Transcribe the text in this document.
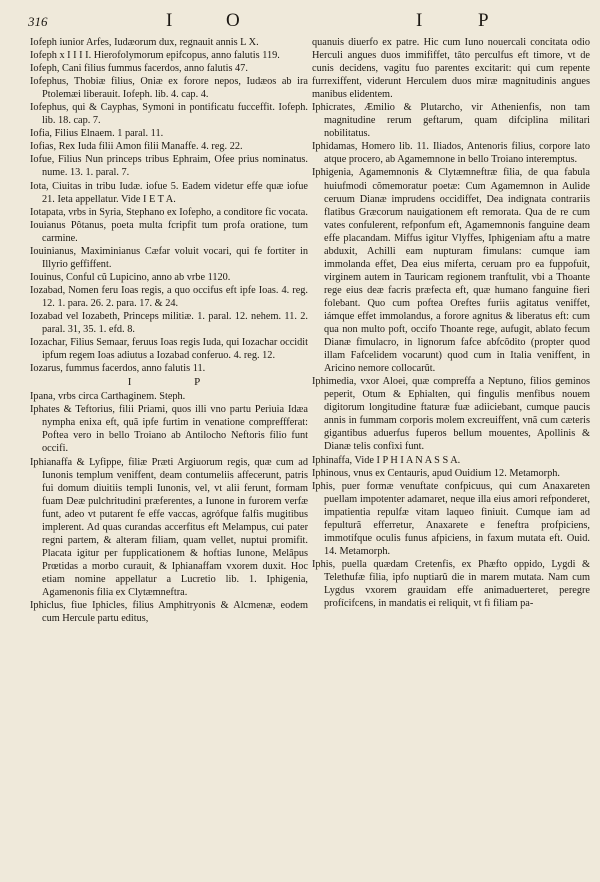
316	I	O	I	P

Iofeph iunior Arfes, Iudæorum dux, regnauit annis L X.

Iofeph x I I I I. Hierofolymorum epifcopus, anno falutis 119.

Iofeph, Cani filius fummus facerdos, anno falutis 47.

Iofephus, Thobiæ filius, Oniæ ex forore nepos, Iudæos ab ira Ptolemæi liberauit. Iofeph. lib. 4. cap. 4.

Iofephus, qui & Cayphas, Symoni in pontificatu fucceffit. Iofeph. lib. 18. cap. 7.

Iofia, Filius Elnaem. 1 paral. 11.

Iofias, Rex Iuda filii Amon filii Manaffe. 4. reg. 22.

Iofue, Filius Nun princeps tribus Ephraim, Ofee prius nominatus. nume. 13. 1. paral. 7.

Iota, Ciuitas in tribu Iudæ. iofue 5. Eadem videtur effe quæ iofue 21. Ieta appellatur. Vide I E T A.

Iotapata, vrbs in Syria, Stephano ex Iofepho, a conditore fic vocata.

Iouianus Pôtanus, poeta multa fcripfit tum profa oratione, tum carmine.

Iouinianus, Maximinianus Cæfar voluit vocari, qui fe fortiter in Illyrio geffiffent.

Iouinus, Conful cũ Lupicino, anno ab vrbe 1120.

Iozabad, Nomen feru Ioas regis, a quo occifus eft ipfe Ioas. 4. reg. 12. 1. para. 26. 2. para. 17. & 24.

Iozabad vel Iozabeth, Princeps militiæ. 1. paral. 12. nehem. 11. 2. paral. 31, 35. 1. efd. 8.

Iozachar, Filius Semaar, feruus Ioas regis Iuda, qui Iozachar occidit ipfum regem Ioas adiutus a Iozabad conferuo. 4. reg. 12.

Iozarus, fummus facerdos, anno falutis 11.

I P

Ipana, vrbs circa Carthaginem. Steph.

Iphates & Teftorius, filii Priami, quos illi vno partu Periuia Idæa nympha enixa eft, quã ipfe furtim in venatione compreffferat: Poftea vero in bello Troiano ab Antilocho Neftoris filio funt occifi.

Iphianaffa & Lyfippe, filiæ Præti Argiuorum regis, quæ cum ad Iunonis templum veniffent, deam contumeliis affecerunt, patris fui domum diuitiis templi Iunonis, vel, vt alii ferunt, formam fuam Deæ pulchritudini præferentes, a Iunone in furorem verfæ funt, adeo vt putarent fe effe vaccas, agrófque falfis mugitibus implerent. Ad quas curandas accerfitus eft Melampus, cui pater regni partem, & alteram filiam, quam vellet, nuptui promifit. Placata igitur per fupplicationem & hoftias Iunone, Melâpus Prœtidas a morbo curauit, & Iphianaffam vxorem duxit. Hoc etiam nomine appellatur a Lucretio lib. 1. Iphigenia, Agamenonis filia ex Clytæmneftra.

Iphiclus, fiue Iphicles, filius Amphitryonis & Alcmenæ, eodem cum Hercule partu editus,

quanuis diuerfo ex patre. Hic cum Iuno nouercali concitata odio Herculi angues duos immififfet, tâto perculfus eft timore, vt de cunis decidens, vagitu fuo parentes excitarit: qui cum repente furrexiffent, viderunt Herculem duos miræ magnitudinis angues manibus elidentem.

Iphicrates, Æmilio & Plutarcho, vir Athenienfis, non tam magnitudine rerum geftarum, quam difciplina militari nobilitatus.

Iphidamas, Homero lib. 11. Iliados, Antenoris filius, corpore lato atque procero, ab Agamemnone in bello Troiano interemptus.

Iphigenia, Agamemnonis & Clytæmneftræ filia, de qua fabula huiufmodi cõmemoratur poetæ: Cum Agamemnon in Aulide ceruum Dianæ imprudens occidiffet, Dea indignata contrariis flatibus Græcorum nauigationem eft remorata. Qua de re cum vates confulerent, refponfum eft, Agamemnonis fanguine deam effe placandam. Miffus igitur Vlyffes, Iphigeniam aftu a matre abduxit, Achilli eam nupturam fimulans: cumque iam immolanda effet, Dea eius miferta, ceruam pro ea fuppofuit, virginem autem in Tauricam regionem tranftulit, vbi a Thoante rege eius deæ facris præfecta eft, quæ humano fanguine fieri folebant. Quo cum poftea Oreftes furiis agitatus veniffet, iámque effet immolandus, a forore agnitus & liberatus eft: cum qua non multo poft, occifo Thoante rege, aufugit, ablato fecum Dianæ fimulacro, in lignorum fafce abfcõdito (propter quod illam Fafcelidem vocarunt) quod cum in Italia veniffent, in Aricino nemore collocarũt.

Iphimedia, vxor Aloei, quæ compreffa a Neptuno, filios geminos peperit, Otum & Ephialten, qui fingulis menfibus nouem digitorum longitudine ftaturæ fuæ adiiciebant, cumque paucis annis in fummam corporis molem excreuiffent, vnã cum cæteris gigantibus aduerfus fuperos bellum mouentes, Apollinis & Dianæ telis confixi funt.

Iphinaffa, Vide I P H I A N A S S A.

Iphinous, vnus ex Centauris, apud Ouidium 12. Metamorph.

Iphis, puer formæ venuftate confpicuus, qui cum Anaxareten puellam impotenter adamaret, neque illa eius amori refponderet, impatientia repulfæ vitam laqueo finiuit. Cumque iam ad fepulturã efferretur, Anaxarete e feneftra profpiciens, immotífque oculis funus afpiciens, in faxum mutata eft. Ouid. 14. Metamorph.

Iphis, puella quædam Cretenfis, ex Phæfto oppido, Lygdi & Telethufæ filia, ipfo nuptiarũ die in marem mutata. Nam cum Lygdus vxorem grauidam effe animaduerteret, peregre profícifcens, in mandatis ei reliquit, vt fi filiam pa-
